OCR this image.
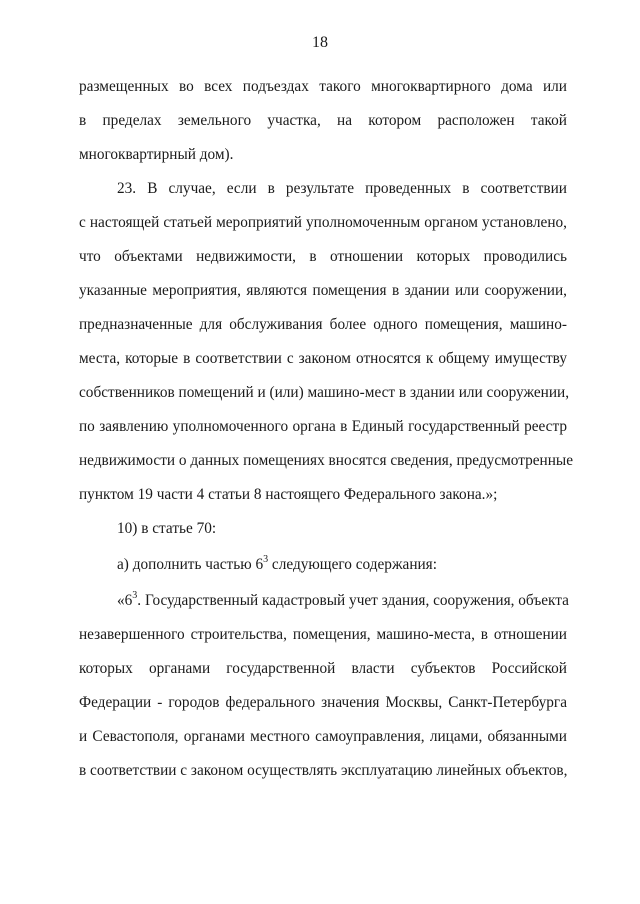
18
размещенных во всех подъездах такого многоквартирного дома или
в пределах земельного участка, на котором расположен такой
многоквартирный дом).
23. В случае, если в результате проведенных в соответствии
с настоящей статьей мероприятий уполномоченным органом установлено,
что объектами недвижимости, в отношении которых проводились
указанные мероприятия, являются помещения в здании или сооружении,
предназначенные для обслуживания более одного помещения, машино-
места, которые в соответствии с законом относятся к общему имуществу
собственников помещений и (или) машино-мест в здании или сооружении,
по заявлению уполномоченного органа в Единый государственный реестр
недвижимости о данных помещениях вносятся сведения, предусмотренные
пунктом 19 части 4 статьи 8 настоящего Федерального закона.»;
10) в статье 70:
а) дополнить частью $6^3$ следующего содержания:
«$6^3$. Государственный кадастровый учет здания, сооружения, объекта
незавершенного строительства, помещения, машино-места, в отношении
которых органами государственной власти субъектов Российской
Федерации - городов федерального значения Москвы, Санкт-Петербурга
и Севастополя, органами местного самоуправления, лицами, обязанными
в соответствии с законом осуществлять эксплуатацию линейных объектов,
